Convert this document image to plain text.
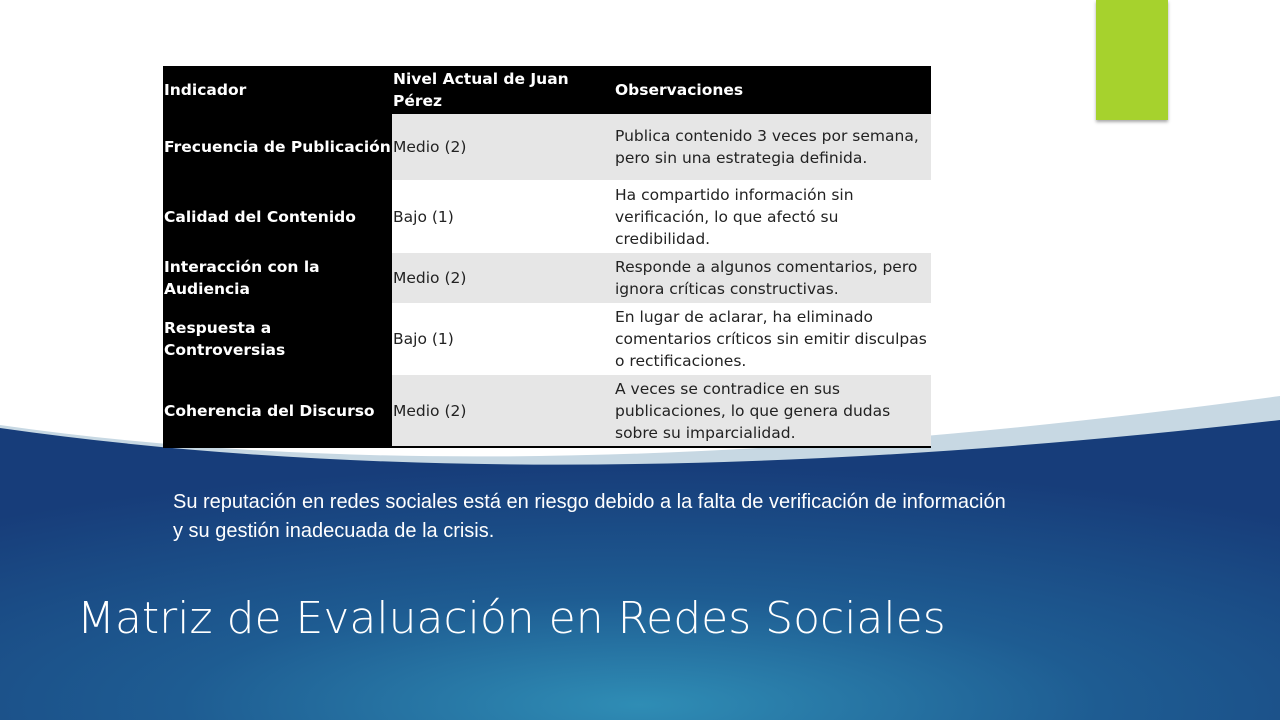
Indicador	Nivel Actual de Juan Pérez	Observaciones
Frecuencia de Publicación	Medio (2)	Publica contenido 3 veces por semana, pero sin una estrategia definida.
Calidad del Contenido	Bajo (1)	Ha compartido información sin verificación, lo que afectó su credibilidad.
Interacción con la Audiencia	Medio (2)	Responde a algunos comentarios, pero ignora críticas constructivas.
Respuesta a Controversias	Bajo (1)	En lugar de aclarar, ha eliminado comentarios críticos sin emitir disculpas o rectificaciones.
Coherencia del Discurso	Medio (2)	A veces se contradice en sus publicaciones, lo que genera dudas sobre su imparcialidad.
Su reputación en redes sociales está en riesgo debido a la falta de verificación de información y su gestión inadecuada de la crisis.
Matriz de Evaluación en Redes Sociales
